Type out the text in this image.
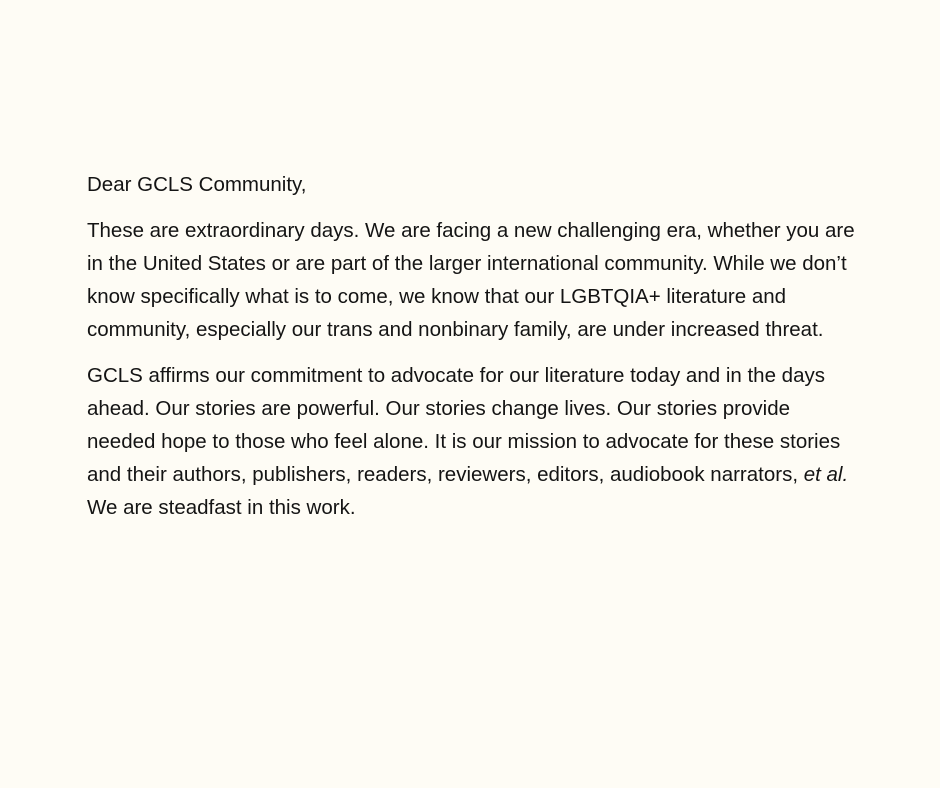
Dear GCLS Community,

These are extraordinary days. We are facing a new challenging era, whether you are in the United States or are part of the larger international community. While we don’t know specifically what is to come, we know that our LGBTQIA+ literature and community, especially our trans and nonbinary family, are under increased threat.

GCLS affirms our commitment to advocate for our literature today and in the days ahead. Our stories are powerful. Our stories change lives. Our stories provide needed hope to those who feel alone. It is our mission to advocate for these stories and their authors, publishers, readers, reviewers, editors, audiobook narrators, et al. We are steadfast in this work.
